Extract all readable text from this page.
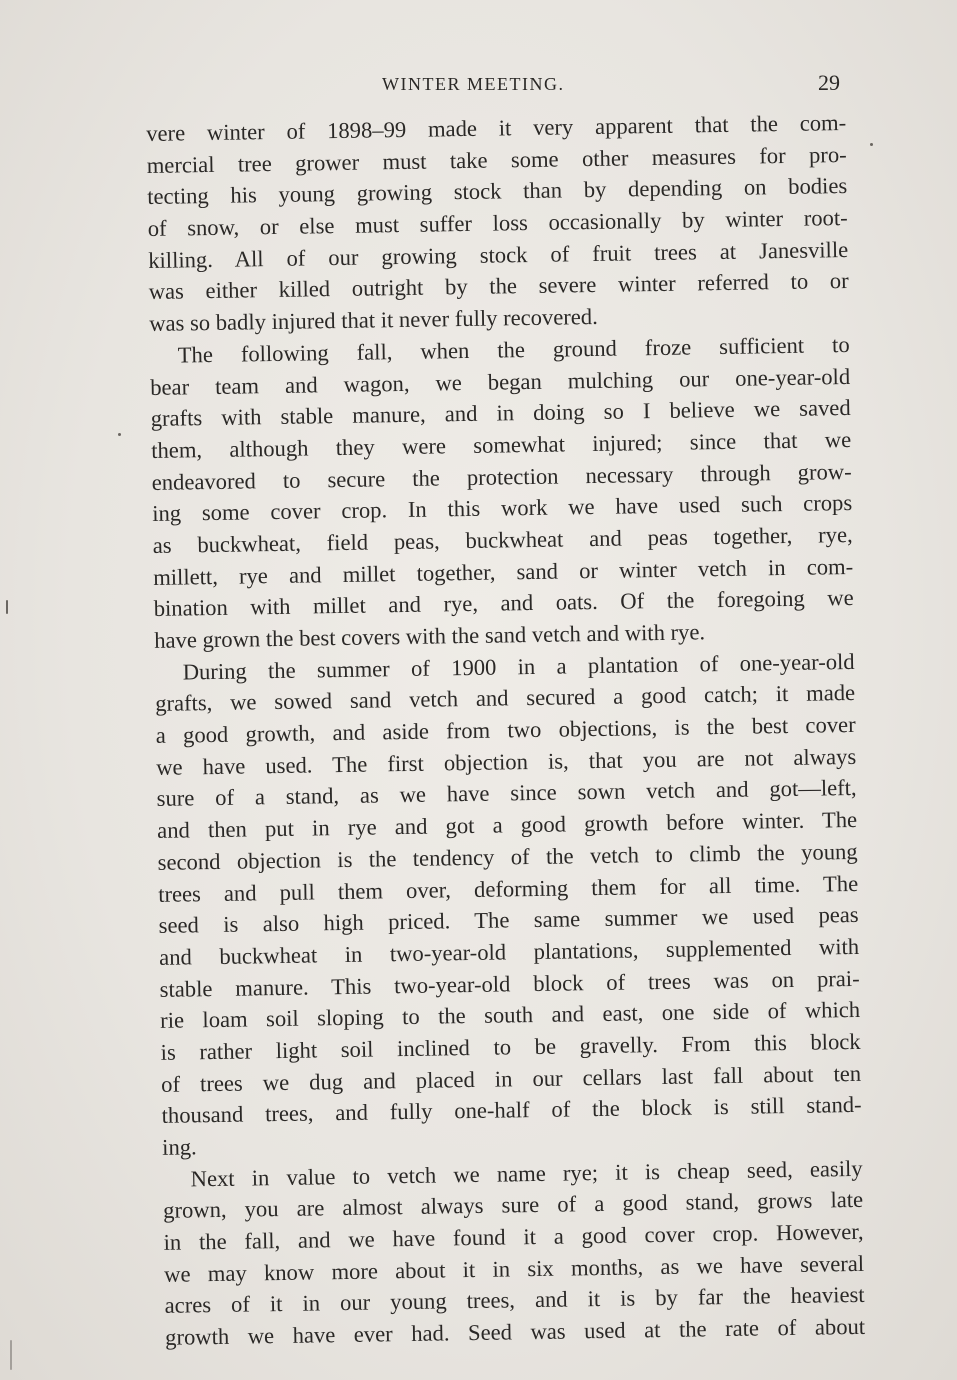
WINTER MEETING.	29
vere winter of 1898–99 made it very apparent that the com-
mercial tree grower must take some other measures for pro-
tecting his young growing stock than by depending on bodies
of snow, or else must suffer loss occasionally by winter root-
killing. All of our growing stock of fruit trees at Janesville
was either killed outright by the severe winter referred to or
was so badly injured that it never fully recovered.
The following fall, when the ground froze sufficient to
bear team and wagon, we began mulching our one-year-old
grafts with stable manure, and in doing so I believe we saved
them, although they were somewhat injured; since that we
endeavored to secure the protection necessary through grow-
ing some cover crop. In this work we have used such crops
as buckwheat, field peas, buckwheat and peas together, rye,
millett, rye and millet together, sand or winter vetch in com-
bination with millet and rye, and oats. Of the foregoing we
have grown the best covers with the sand vetch and with rye.
During the summer of 1900 in a plantation of one-year-old
grafts, we sowed sand vetch and secured a good catch; it made
a good growth, and aside from two objections, is the best cover
we have used. The first objection is, that you are not always
sure of a stand, as we have since sown vetch and got—left,
and then put in rye and got a good growth before winter. The
second objection is the tendency of the vetch to climb the young
trees and pull them over, deforming them for all time. The
seed is also high priced. The same summer we used peas
and buckwheat in two-year-old plantations, supplemented with
stable manure. This two-year-old block of trees was on prai-
rie loam soil sloping to the south and east, one side of which
is rather light soil inclined to be gravelly. From this block
of trees we dug and placed in our cellars last fall about ten
thousand trees, and fully one-half of the block is still stand-
ing.
Next in value to vetch we name rye; it is cheap seed, easily
grown, you are almost always sure of a good stand, grows late
in the fall, and we have found it a good cover crop. However,
we may know more about it in six months, as we have several
acres of it in our young trees, and it is by far the heaviest
growth we have ever had. Seed was used at the rate of about
